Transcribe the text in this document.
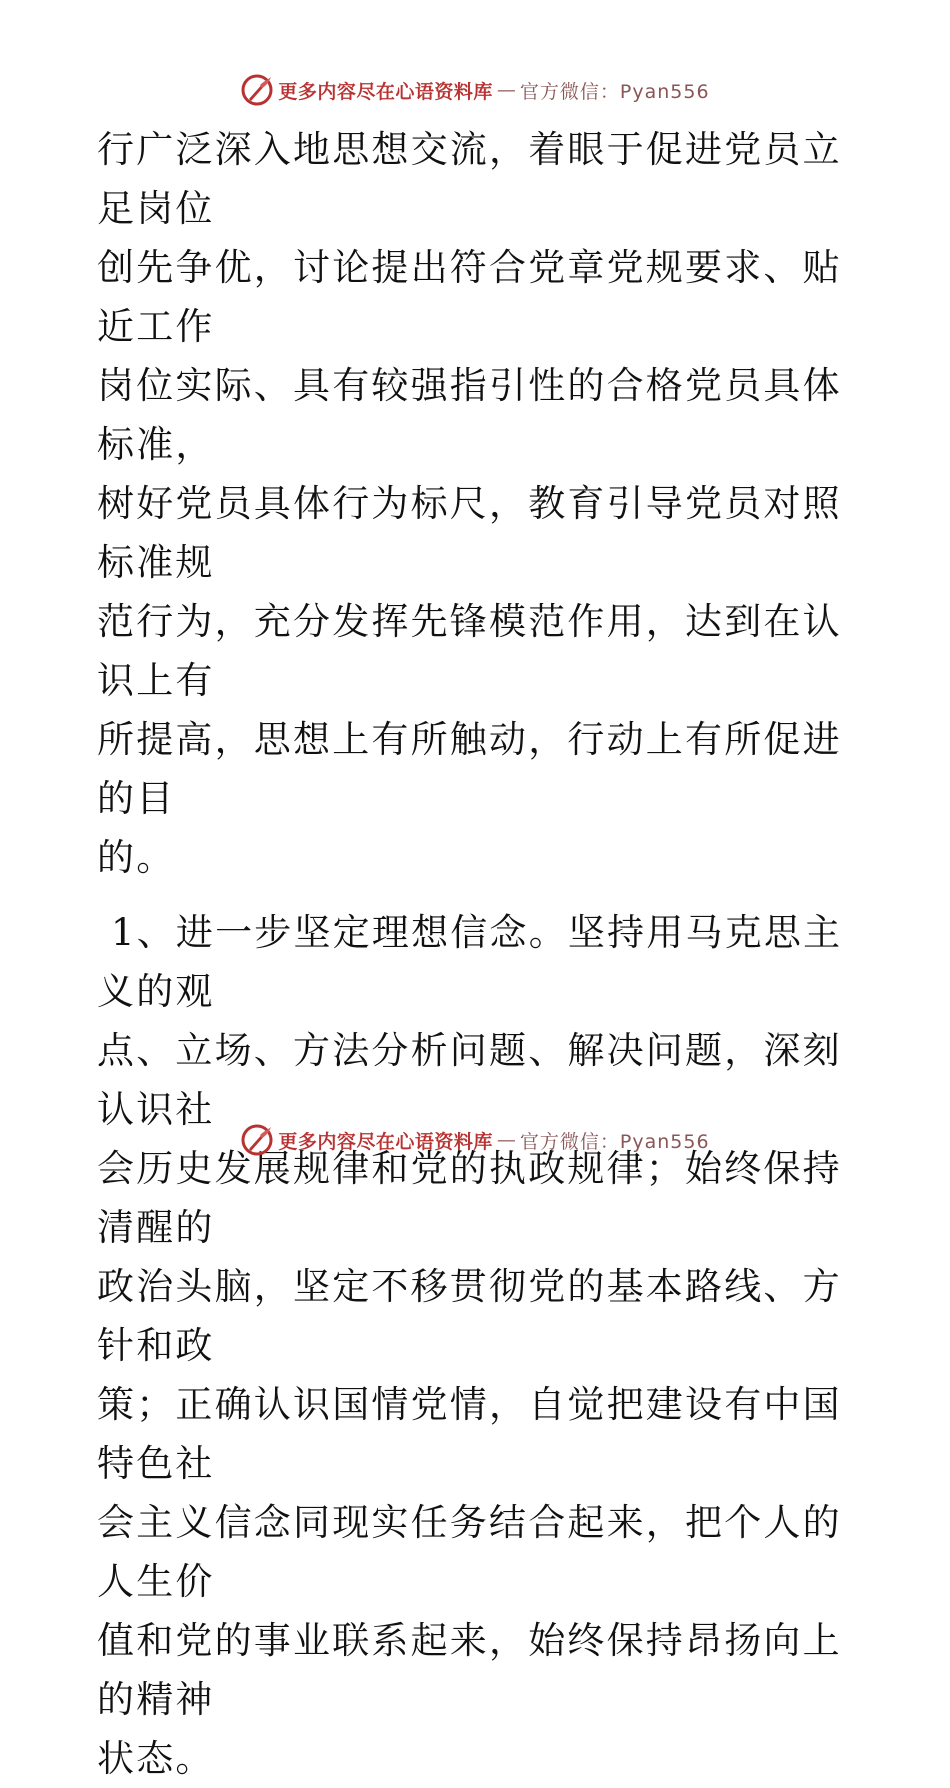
更多内容尽在心语资料库 — 官方微信：Pyan556

行广泛深入地思想交流，着眼于促进党员立足岗位
创先争优，讨论提出符合党章党规要求、贴近工作
岗位实际、具有较强指引性的合格党员具体标准，
树好党员具体行为标尺，教育引导党员对照标准规
范行为，充分发挥先锋模范作用，达到在认识上有
所提高，思想上有所触动，行动上有所促进的目
的。

1、进一步坚定理想信念。坚持用马克思主义的观
点、立场、方法分析问题、解决问题，深刻认识社
会历史发展规律和党的执政规律；始终保持清醒的
政治头脑，坚定不移贯彻党的基本路线、方针和政
策；正确认识国情党情，自觉把建设有中国特色社
会主义信念同现实任务结合起来，把个人的人生价
值和党的事业联系起来，始终保持昂扬向上的精神
状态。

更多内容尽在心语资料库 — 官方微信：Pyan556
